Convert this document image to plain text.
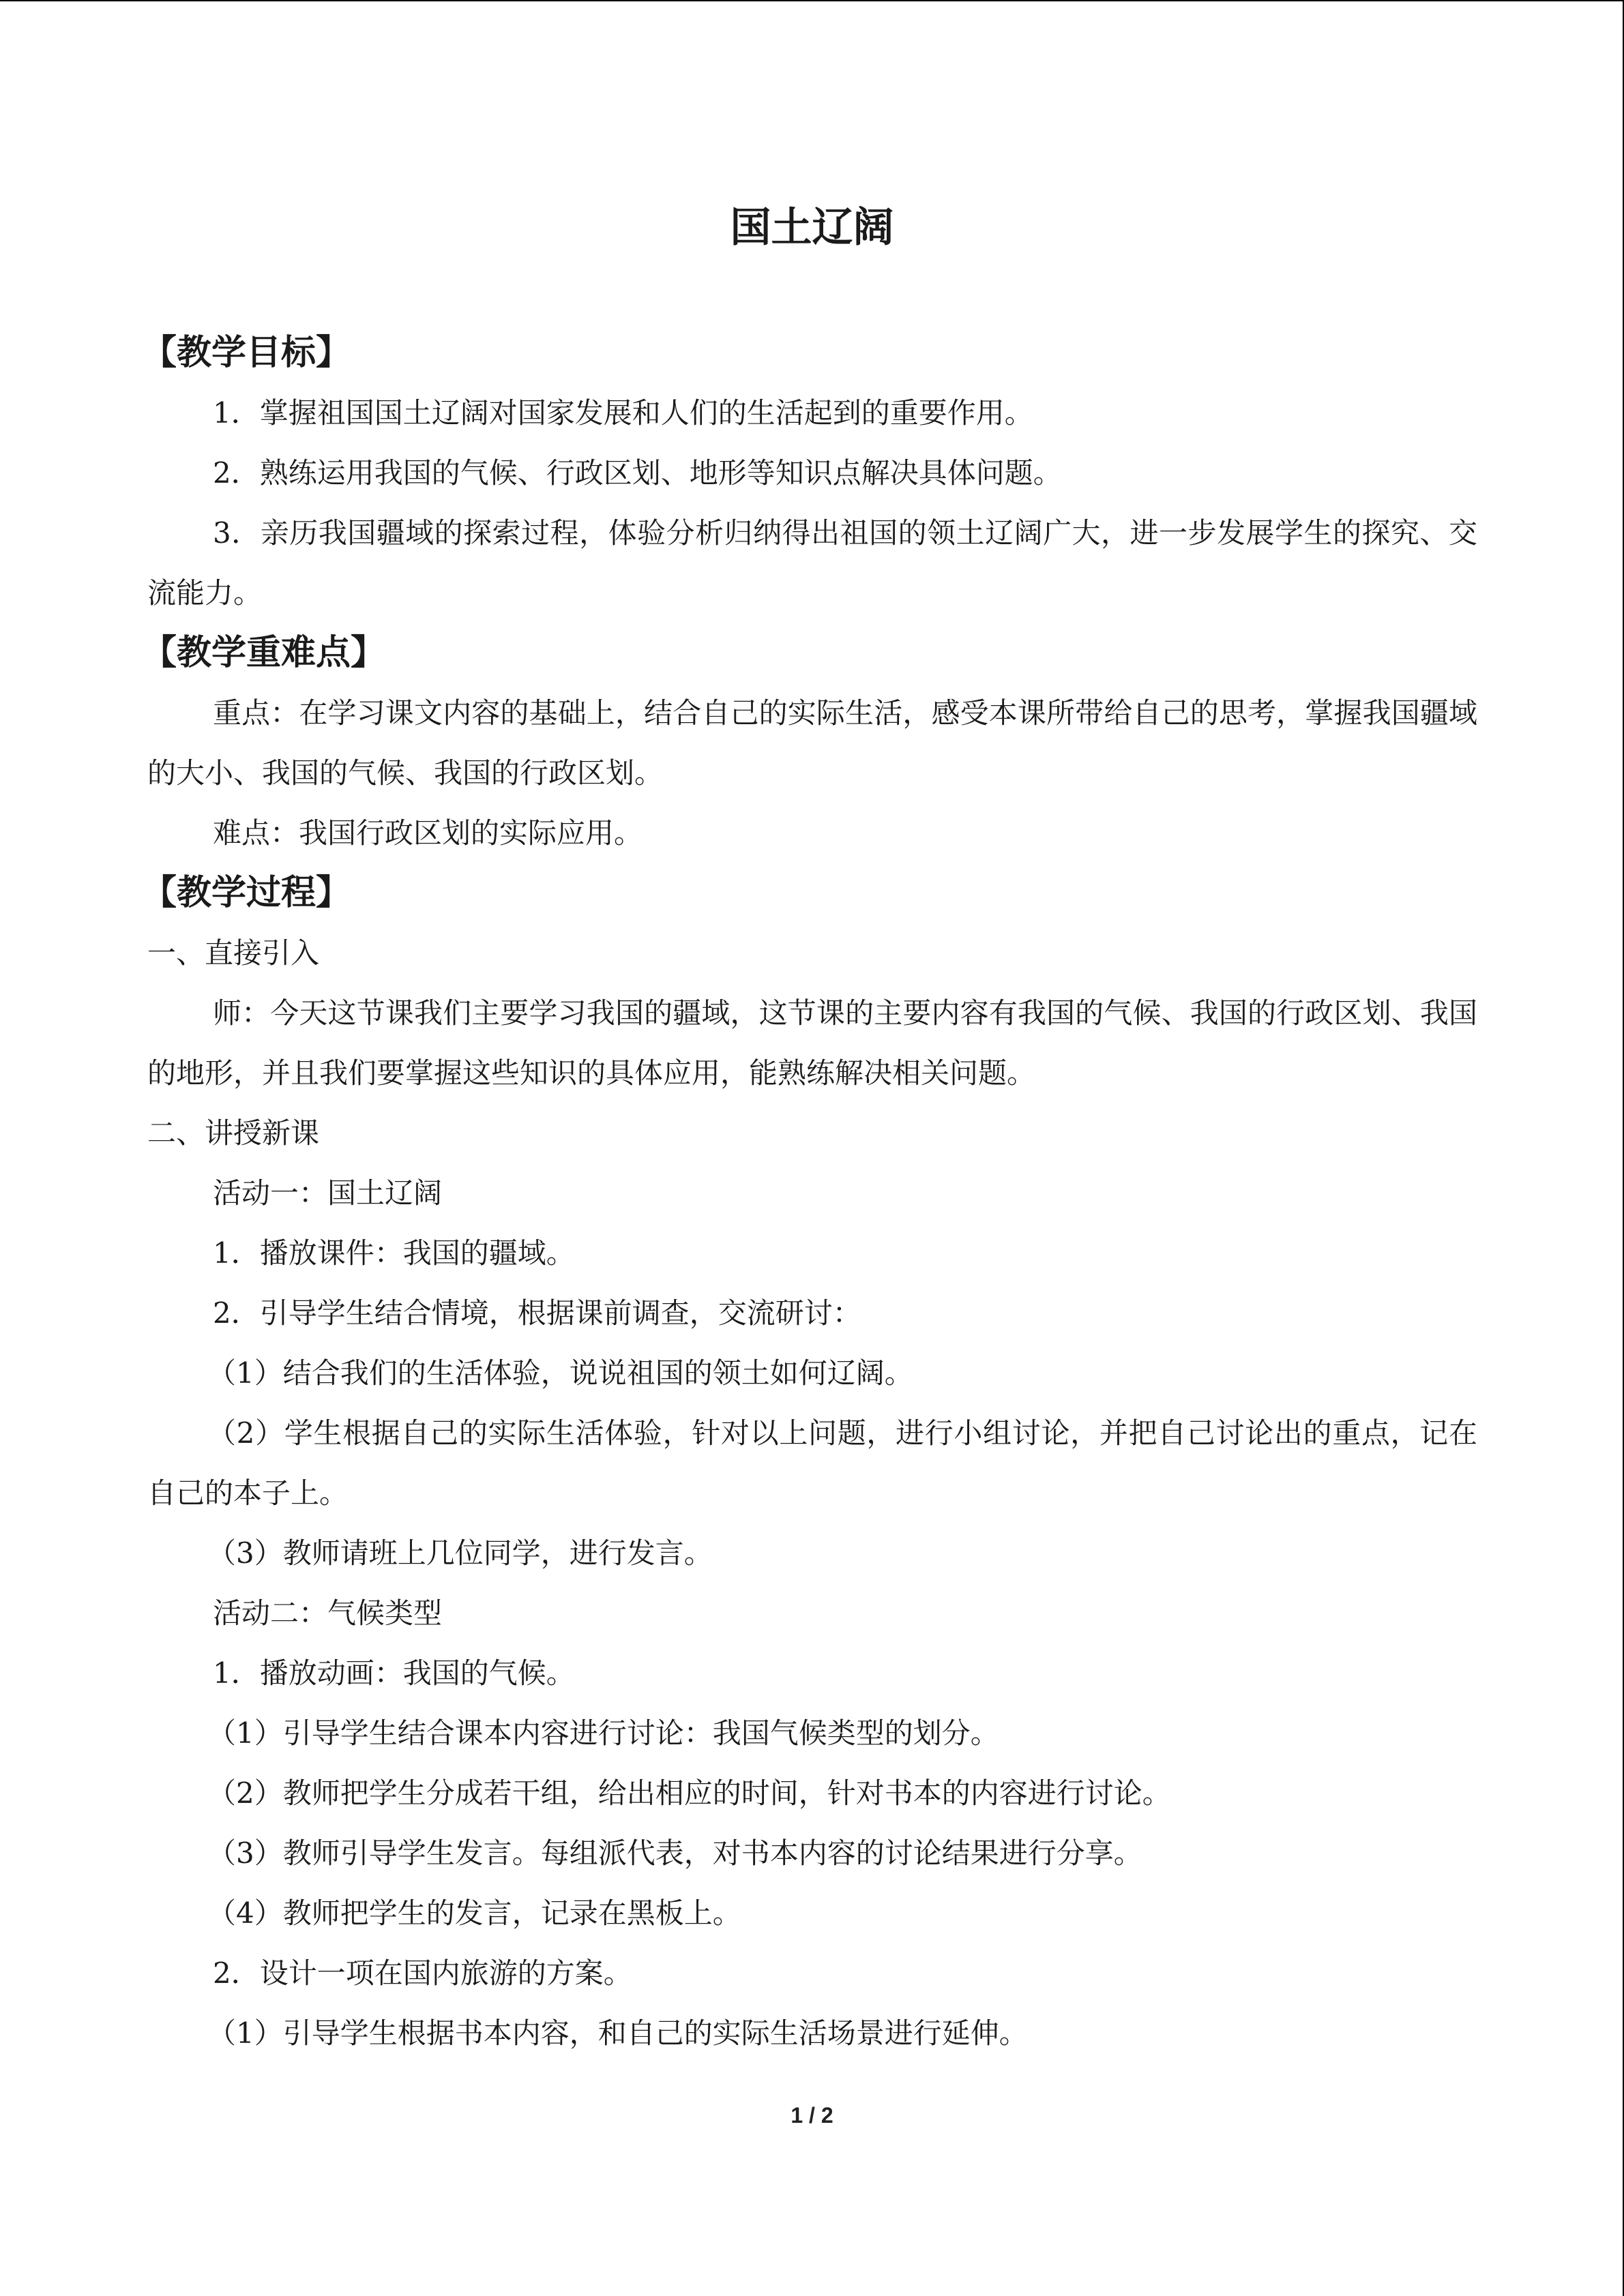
国土辽阔
【教学目标】

1．掌握祖国国土辽阔对国家发展和人们的生活起到的重要作用。

2．熟练运用我国的气候、行政区划、地形等知识点解决具体问题。

3．亲历我国疆域的探索过程，体验分析归纳得出祖国的领土辽阔广大，进一步发展学生的探究、交流能力。

【教学重难点】

重点：在学习课文内容的基础上，结合自己的实际生活，感受本课所带给自己的思考，掌握我国疆域的大小、我国的气候、我国的行政区划。

难点：我国行政区划的实际应用。

【教学过程】

一、直接引入

师：今天这节课我们主要学习我国的疆域，这节课的主要内容有我国的气候、我国的行政区划、我国的地形，并且我们要掌握这些知识的具体应用，能熟练解决相关问题。

二、讲授新课

活动一：国土辽阔

1．播放课件：我国的疆域。

2．引导学生结合情境，根据课前调查，交流研讨：

（1）结合我们的生活体验，说说祖国的领土如何辽阔。

（2）学生根据自己的实际生活体验，针对以上问题，进行小组讨论，并把自己讨论出的重点，记在自己的本子上。

（3）教师请班上几位同学，进行发言。

活动二：气候类型

1．播放动画：我国的气候。

（1）引导学生结合课本内容进行讨论：我国气候类型的划分。

（2）教师把学生分成若干组，给出相应的时间，针对书本的内容进行讨论。

（3）教师引导学生发言。每组派代表，对书本内容的讨论结果进行分享。

（4）教师把学生的发言，记录在黑板上。

2．设计一项在国内旅游的方案。

（1）引导学生根据书本内容，和自己的实际生活场景进行延伸。

1 / 2
